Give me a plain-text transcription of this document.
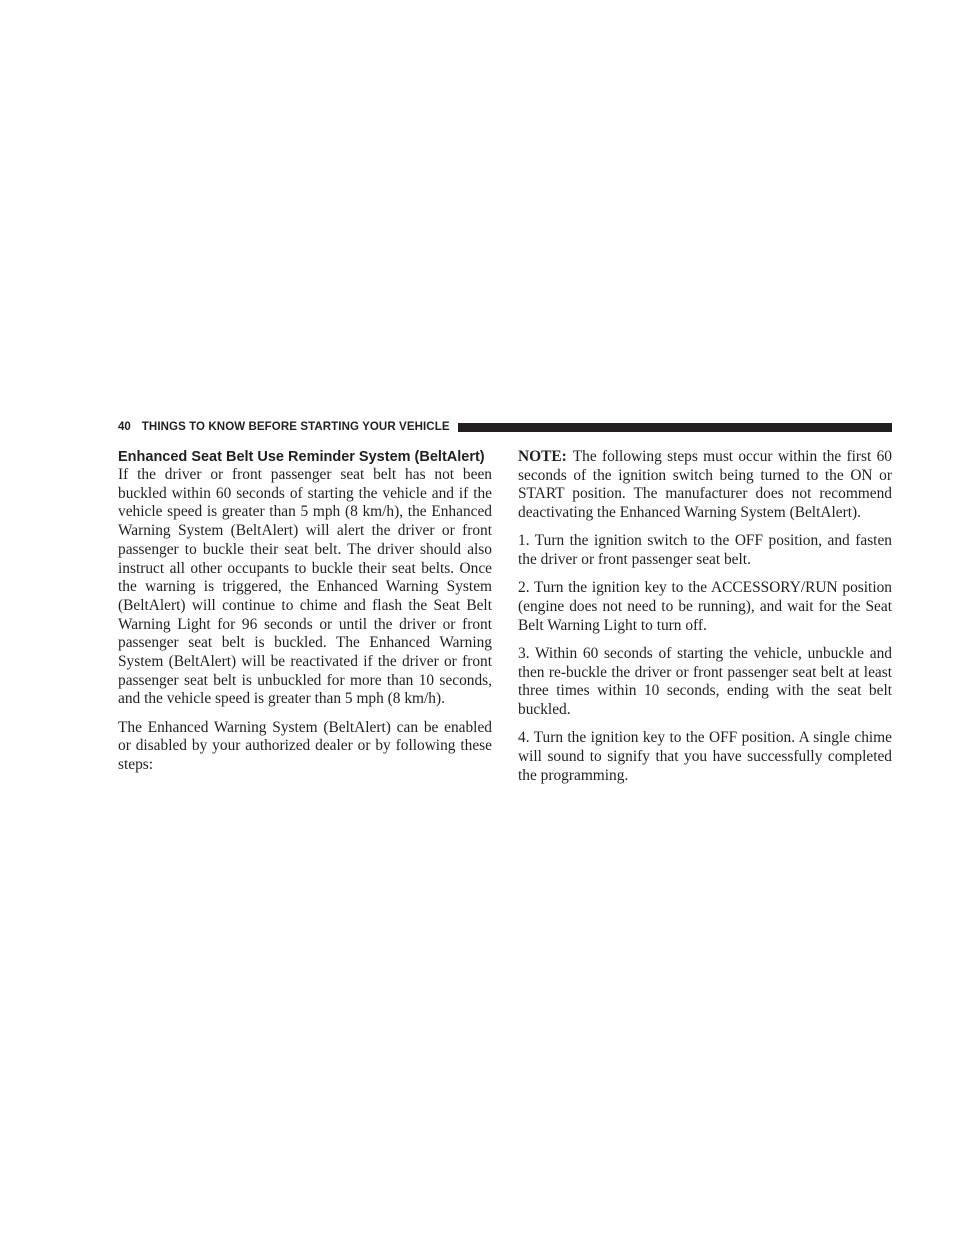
40 THINGS TO KNOW BEFORE STARTING YOUR VEHICLE
Enhanced Seat Belt Use Reminder System (BeltAlert)

If the driver or front passenger seat belt has not been buckled within 60 seconds of starting the vehicle and if the vehicle speed is greater than 5 mph (8 km/h), the Enhanced Warning System (BeltAlert) will alert the driver or front passenger to buckle their seat belt. The driver should also instruct all other occupants to buckle their seat belts. Once the warning is triggered, the Enhanced Warning System (BeltAlert) will continue to chime and flash the Seat Belt Warning Light for 96 seconds or until the driver or front passenger seat belt is buckled. The Enhanced Warning System (BeltAlert) will be reactivated if the driver or front passenger seat belt is unbuckled for more than 10 seconds, and the vehicle speed is greater than 5 mph (8 km/h).

The Enhanced Warning System (BeltAlert) can be enabled or disabled by your authorized dealer or by following these steps:

NOTE: The following steps must occur within the first 60 seconds of the ignition switch being turned to the ON or START position. The manufacturer does not recommend deactivating the Enhanced Warning System (BeltAlert).

1. Turn the ignition switch to the OFF position, and fasten the driver or front passenger seat belt.

2. Turn the ignition key to the ACCESSORY/RUN position (engine does not need to be running), and wait for the Seat Belt Warning Light to turn off.

3. Within 60 seconds of starting the vehicle, unbuckle and then re-buckle the driver or front passenger seat belt at least three times within 10 seconds, ending with the seat belt buckled.

4. Turn the ignition key to the OFF position. A single chime will sound to signify that you have successfully completed the programming.
